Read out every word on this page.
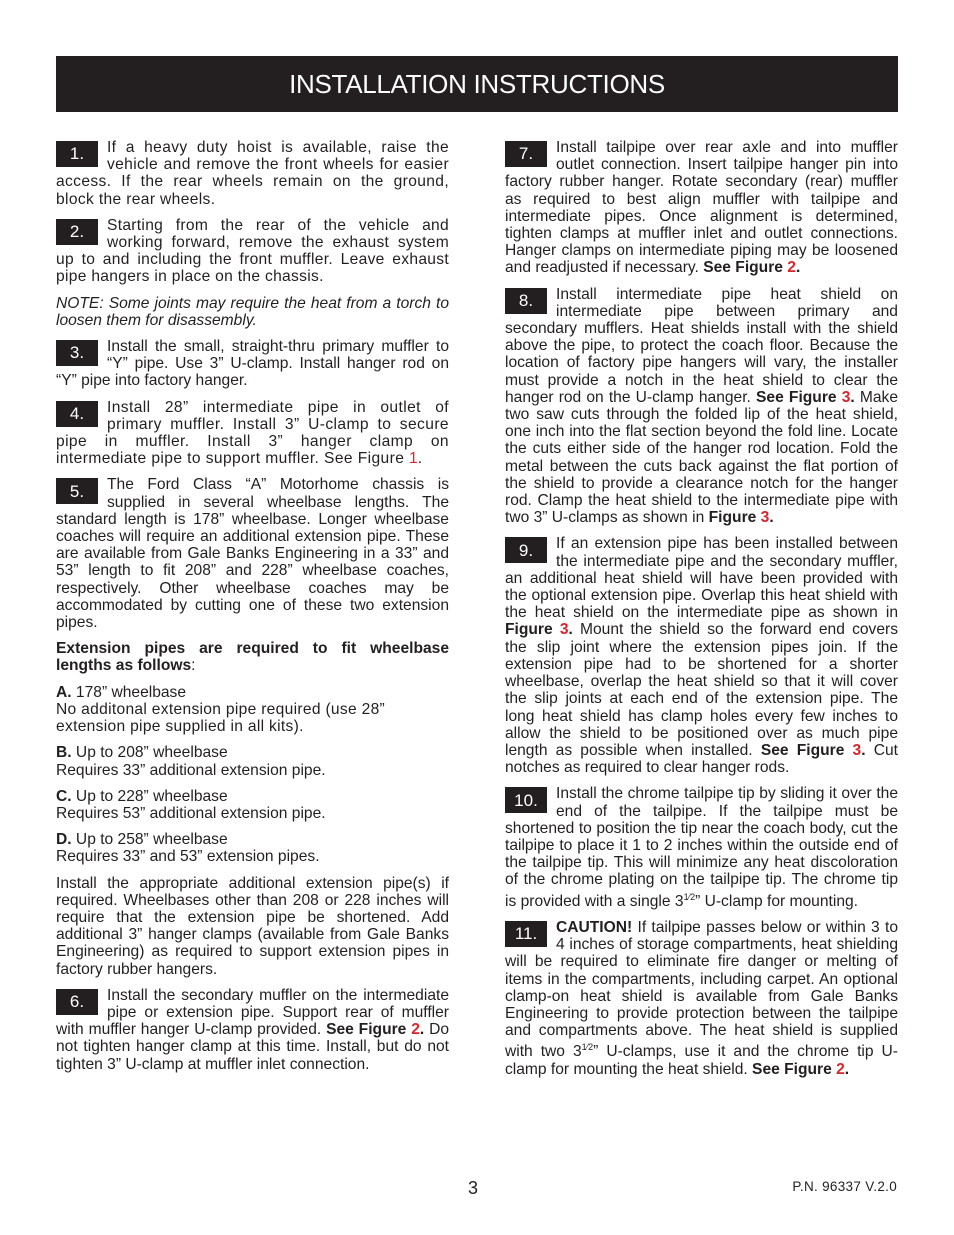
INSTALLATION INSTRUCTIONS
1.	If a heavy duty hoist is available, raise the vehicle and remove the front wheels for easier access. If the rear wheels remain on the ground, block the rear wheels.
2.	Starting from the rear of the vehicle and working forward, remove the exhaust system up to and including the front muffler. Leave exhaust pipe hangers in place on the chassis.

NOTE: Some joints may require the heat from a torch to loosen them for disassembly.

3.	Install the small, straight-thru primary muffler to “Y” pipe. Use 3” U-clamp. Install hanger rod on “Y” pipe into factory hanger.
4.	Install 28” intermediate pipe in outlet of primary muffler. Install 3” U-clamp to secure pipe in muffler. Install 3” hanger clamp on intermediate pipe to support muffler. See Figure 1.
5.	The Ford Class “A” Motorhome chassis is supplied in several wheelbase lengths. The standard length is 178” wheelbase. Longer wheelbase coaches will require an additional extension pipe. These are available from Gale Banks Engineering in a 33” and 53” length to fit 208” and 228” wheelbase coaches, respectively. Other wheelbase coaches may be accommodated by cutting one of these two extension pipes.

Extension pipes are required to fit wheelbase lengths as follows:

A. 178” wheelbase
No additonal extension pipe required (use 28” extension pipe supplied in all kits).
B. Up to 208” wheelbase
Requires 33” additional extension pipe.
C. Up to 228” wheelbase
Requires 53” additional extension pipe.
D. Up to 258” wheelbase
Requires 33” and 53” extension pipes.

Install the appropriate additional extension pipe(s) if required. Wheelbases other than 208 or 228 inches will require that the extension pipe be shortened. Add additional 3” hanger clamps (available from Gale Banks Engineering) as required to support extension pipes in factory rubber hangers.

6.	Install the secondary muffler on the intermediate pipe or extension pipe. Support rear of muffler with muffler hanger U-clamp provided. See Figure 2. Do not tighten hanger clamp at this time. Install, but do not tighten 3” U-clamp at muffler inlet connection.
7.	Install tailpipe over rear axle and into muffler outlet connection. Insert tailpipe hanger pin into factory rubber hanger. Rotate secondary (rear) muffler as required to best align muffler with tailpipe and intermediate pipes. Once alignment is determined, tighten clamps at muffler inlet and outlet connections. Hanger clamps on intermediate piping may be loosened and readjusted if necessary. See Figure 2.
8.	Install intermediate pipe heat shield on intermediate pipe between primary and secondary mufflers. Heat shields install with the shield above the pipe, to protect the coach floor. Because the location of factory pipe hangers will vary, the installer must provide a notch in the heat shield to clear the hanger rod on the U-clamp hanger. See Figure 3. Make two saw cuts through the folded lip of the heat shield, one inch into the flat section beyond the fold line. Locate the cuts either side of the hanger rod location. Fold the metal between the cuts back against the flat portion of the shield to provide a clearance notch for the hanger rod. Clamp the heat shield to the intermediate pipe with two 3” U-clamps as shown in Figure 3.
9.	If an extension pipe has been installed between the intermediate pipe and the secondary muffler, an additional heat shield will have been provided with the optional extension pipe. Overlap this heat shield with the heat shield on the intermediate pipe as shown in Figure 3. Mount the shield so the forward end covers the slip joint where the extension pipes join. If the extension pipe had to be shortened for a shorter wheelbase, overlap the heat shield so that it will cover the slip joints at each end of the extension pipe. The long heat shield has clamp holes every few inches to allow the shield to be positioned over as much pipe length as possible when installed. See Figure 3. Cut notches as required to clear hanger rods.
10.	Install the chrome tailpipe tip by sliding it over the end of the tailpipe. If the tailpipe must be shortened to position the tip near the coach body, cut the tailpipe to place it 1 to 2 inches within the outside end of the tailpipe tip. This will minimize any heat discoloration of the chrome plating on the tailpipe tip. The chrome tip is provided with a single $3^{1⁄2}$” U-clamp for mounting.
11.	CAUTION! If tailpipe passes below or within 3 to 4 inches of storage compartments, heat shielding will be required to eliminate fire danger or melting of items in the compartments, including carpet. An optional clamp-on heat shield is available from Gale Banks Engineering to provide protection between the tailpipe and compartments above. The heat shield is supplied with two $3^{1⁄2}$” U-clamps, use it and the chrome tip U-clamp for mounting the heat shield. See Figure 2.
3	P.N. 96337 V.2.0
